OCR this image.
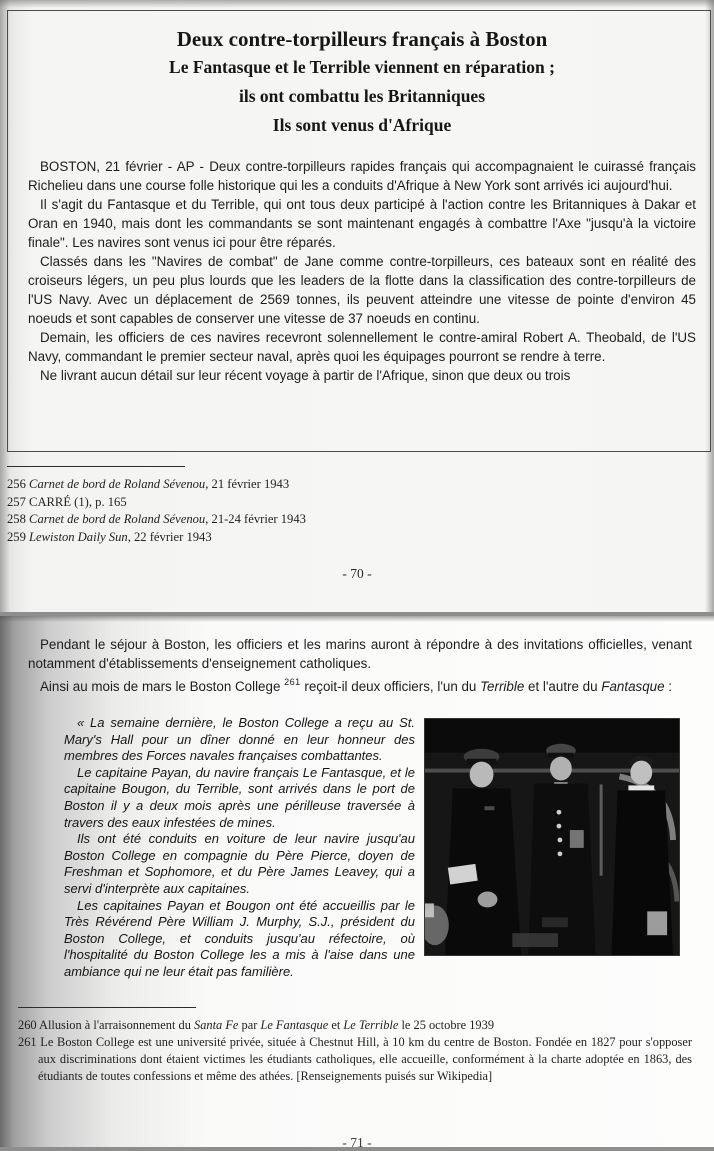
Deux contre-torpilleurs français à Boston
Le Fantasque et le Terrible viennent en réparation ;
ils ont combattu les Britanniques
Ils sont venus d'Afrique

BOSTON, 21 février - AP - Deux contre-torpilleurs rapides français qui accompagnaient le cuirassé français Richelieu dans une course folle historique qui les a conduits d'Afrique à New York sont arrivés ici aujourd'hui.

Il s'agit du Fantasque et du Terrible, qui ont tous deux participé à l'action contre les Britanniques à Dakar et Oran en 1940, mais dont les commandants se sont maintenant engagés à combattre l'Axe "jusqu'à la victoire finale". Les navires sont venus ici pour être réparés.

Classés dans les "Navires de combat" de Jane comme contre-torpilleurs, ces bateaux sont en réalité des croiseurs légers, un peu plus lourds que les leaders de la flotte dans la classification des contre-torpilleurs de l'US Navy. Avec un déplacement de 2569 tonnes, ils peuvent atteindre une vitesse de pointe d'environ 45 noeuds et sont capables de conserver une vitesse de 37 noeuds en continu.

Demain, les officiers de ces navires recevront solennellement le contre-amiral Robert A. Theobald, de l'US Navy, commandant le premier secteur naval, après quoi les équipages pourront se rendre à terre.

Ne livrant aucun détail sur leur récent voyage à partir de l'Afrique, sinon que deux ou trois

256 Carnet de bord de Roland Sévenou, 21 février 1943
257 CARRÉ (1), p. 165
258 Carnet de bord de Roland Sévenou, 21-24 février 1943
259 Lewiston Daily Sun, 22 février 1943
- 70 -

Pendant le séjour à Boston, les officiers et les marins auront à répondre à des invitations officielles, venant notamment d'établissements d'enseignement catholiques.

Ainsi au mois de mars le Boston College $^{261}$ reçoit-il deux officiers, l'un du Terrible et l'autre du Fantasque :

« La semaine dernière, le Boston College a reçu au St. Mary's Hall pour un dîner donné en leur honneur des membres des Forces navales françaises combattantes.

Le capitaine Payan, du navire français Le Fantasque, et le capitaine Bougon, du Terrible, sont arrivés dans le port de Boston il y a deux mois après une périlleuse traversée à travers des eaux infestées de mines.

Ils ont été conduits en voiture de leur navire jusqu'au Boston College en compagnie du Père Pierce, doyen de Freshman et Sophomore, et du Père James Leavey, qui a servi d'interprète aux capitaines.

Les capitaines Payan et Bougon ont été accueillis par le Très Révérend Père William J. Murphy, S.J., président du Boston College, et conduits jusqu'au réfectoire, où l'hospitalité du Boston College les a mis à l'aise dans une ambiance qui ne leur était pas familière.

260 Allusion à l'arraisonnement du Santa Fe par Le Fantasque et Le Terrible le 25 octobre 1939
261 Le Boston College est une université privée, située à Chestnut Hill, à 10 km du centre de Boston. Fondée en 1827 pour s'opposer aux discriminations dont étaient victimes les étudiants catholiques, elle accueille, conformément à la charte adoptée en 1863, des étudiants de toutes confessions et même des athées. [Renseignements puisés sur Wikipedia]
- 71 -
